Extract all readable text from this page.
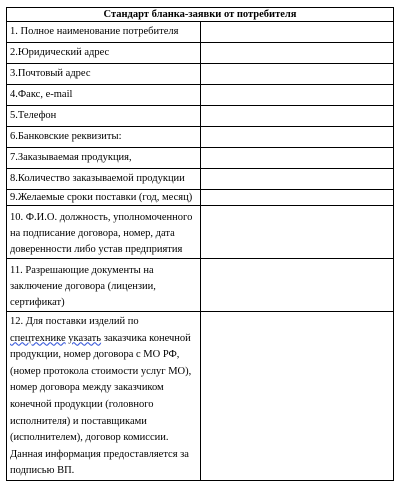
Стандарт бланка-заявки от потребителя	
1. Полное наименование потребителя	
2.Юридический адрес	
3.Почтовый адрес	
4.Факс, e-mail	
5.Телефон	
6.Банковские реквизиты:	
7.Заказываемая продукция,	
8.Количество заказываемой продукции	
9.Желаемые сроки поставки (год, месяц)	
10. Ф.И.О. должность, уполномоченного на подписание договора, номер, дата доверенности либо устав предприятия	
11. Разрешающие документы на заключение договора (лицензии, сертификат)	
12. Для поставки изделий по спецтехнике указать заказчика конечной продукции, номер договора с МО РФ, (номер протокола стоимости услуг МО), номер договора между заказчиком конечной продукции (головного исполнителя) и поставщиками (исполнителем), договор комиссии. Данная информация предоставляется за подписью ВП.	
